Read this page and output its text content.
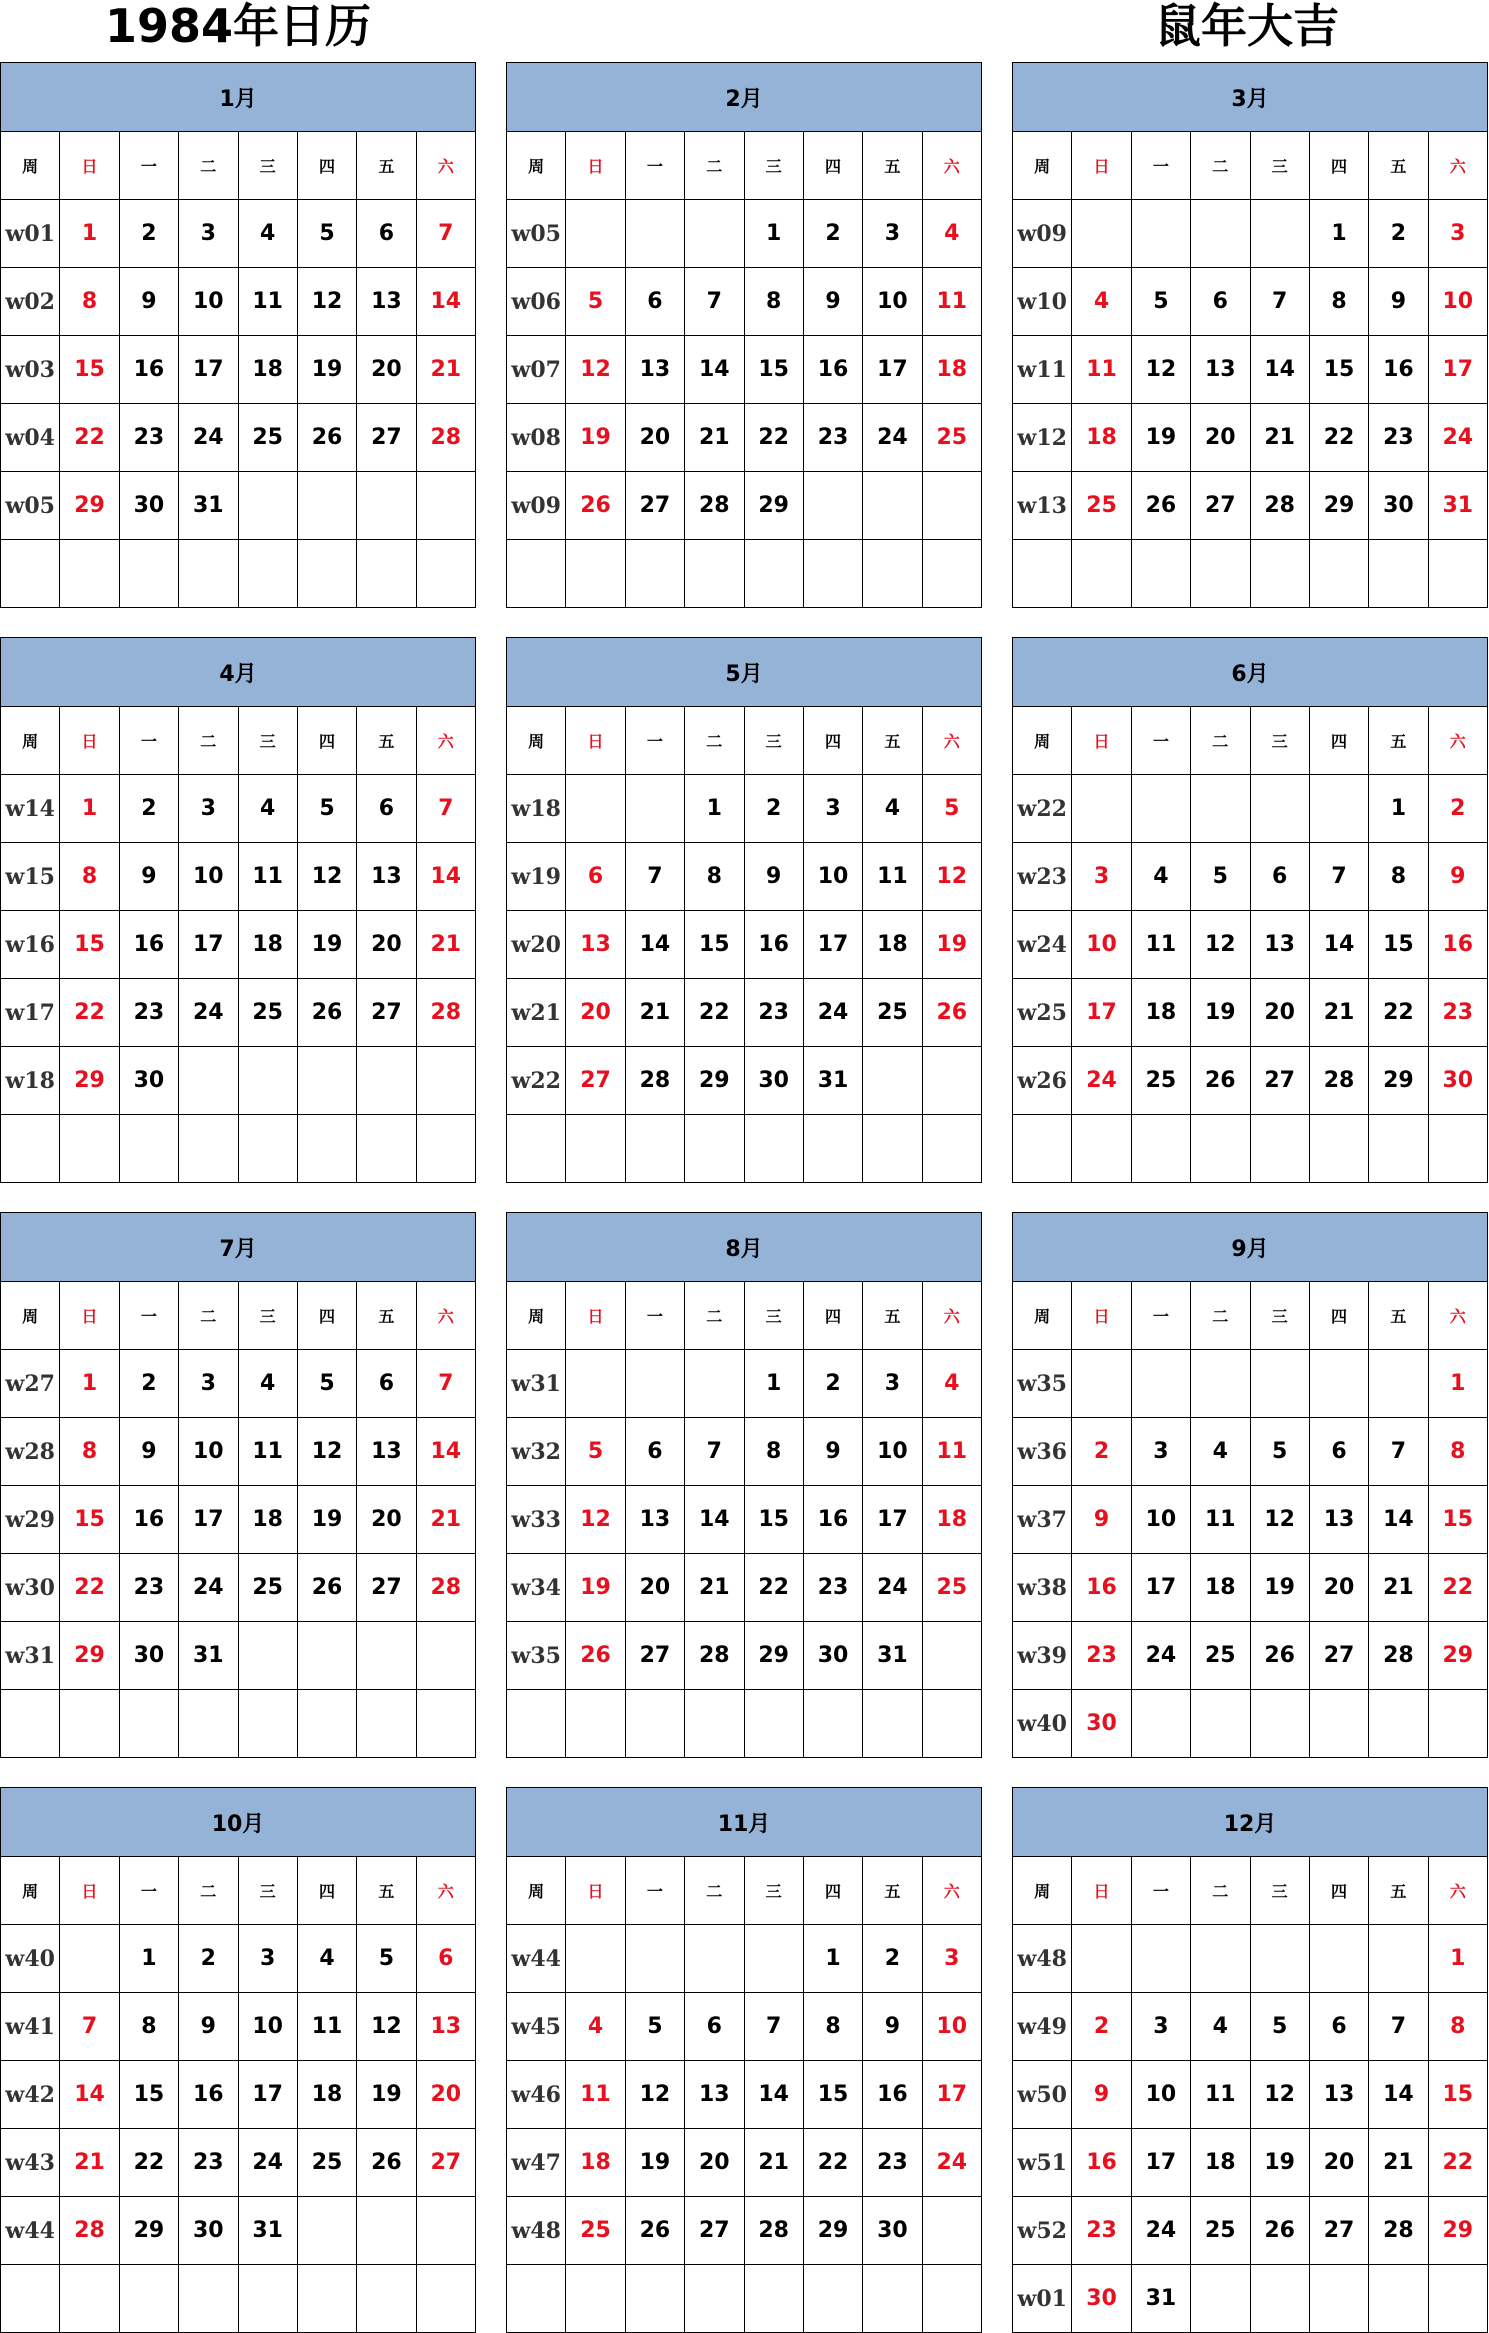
1984年日历	鼠年大吉
1月							
周	日	一	二	三	四	五	六
w01	1	2	3	4	5	6	7
w02	8	9	10	11	12	13	14
w03	15	16	17	18	19	20	21
w04	22	23	24	25	26	27	28
w05	29	30	31				

2月							
周	日	一	二	三	四	五	六
w05				1	2	3	4
w06	5	6	7	8	9	10	11
w07	12	13	14	15	16	17	18
w08	19	20	21	22	23	24	25
w09	26	27	28	29			

3月							
周	日	一	二	三	四	五	六
w09					1	2	3
w10	4	5	6	7	8	9	10
w11	11	12	13	14	15	16	17
w12	18	19	20	21	22	23	24
w13	25	26	27	28	29	30	31

4月							
周	日	一	二	三	四	五	六
w14	1	2	3	4	5	6	7
w15	8	9	10	11	12	13	14
w16	15	16	17	18	19	20	21
w17	22	23	24	25	26	27	28
w18	29	30					

5月							
周	日	一	二	三	四	五	六
w18			1	2	3	4	5
w19	6	7	8	9	10	11	12
w20	13	14	15	16	17	18	19
w21	20	21	22	23	24	25	26
w22	27	28	29	30	31		

6月							
周	日	一	二	三	四	五	六
w22						1	2
w23	3	4	5	6	7	8	9
w24	10	11	12	13	14	15	16
w25	17	18	19	20	21	22	23
w26	24	25	26	27	28	29	30

7月							
周	日	一	二	三	四	五	六
w27	1	2	3	4	5	6	7
w28	8	9	10	11	12	13	14
w29	15	16	17	18	19	20	21
w30	22	23	24	25	26	27	28
w31	29	30	31				

8月							
周	日	一	二	三	四	五	六
w31				1	2	3	4
w32	5	6	7	8	9	10	11
w33	12	13	14	15	16	17	18
w34	19	20	21	22	23	24	25
w35	26	27	28	29	30	31	

9月							
周	日	一	二	三	四	五	六
w35							1
w36	2	3	4	5	6	7	8
w37	9	10	11	12	13	14	15
w38	16	17	18	19	20	21	22
w39	23	24	25	26	27	28	29
w40	30						
10月							
周	日	一	二	三	四	五	六
w40		1	2	3	4	5	6
w41	7	8	9	10	11	12	13
w42	14	15	16	17	18	19	20
w43	21	22	23	24	25	26	27
w44	28	29	30	31			

11月							
周	日	一	二	三	四	五	六
w44					1	2	3
w45	4	5	6	7	8	9	10
w46	11	12	13	14	15	16	17
w47	18	19	20	21	22	23	24
w48	25	26	27	28	29	30	

12月							
周	日	一	二	三	四	五	六
w48							1
w49	2	3	4	5	6	7	8
w50	9	10	11	12	13	14	15
w51	16	17	18	19	20	21	22
w52	23	24	25	26	27	28	29
w01	30	31					
